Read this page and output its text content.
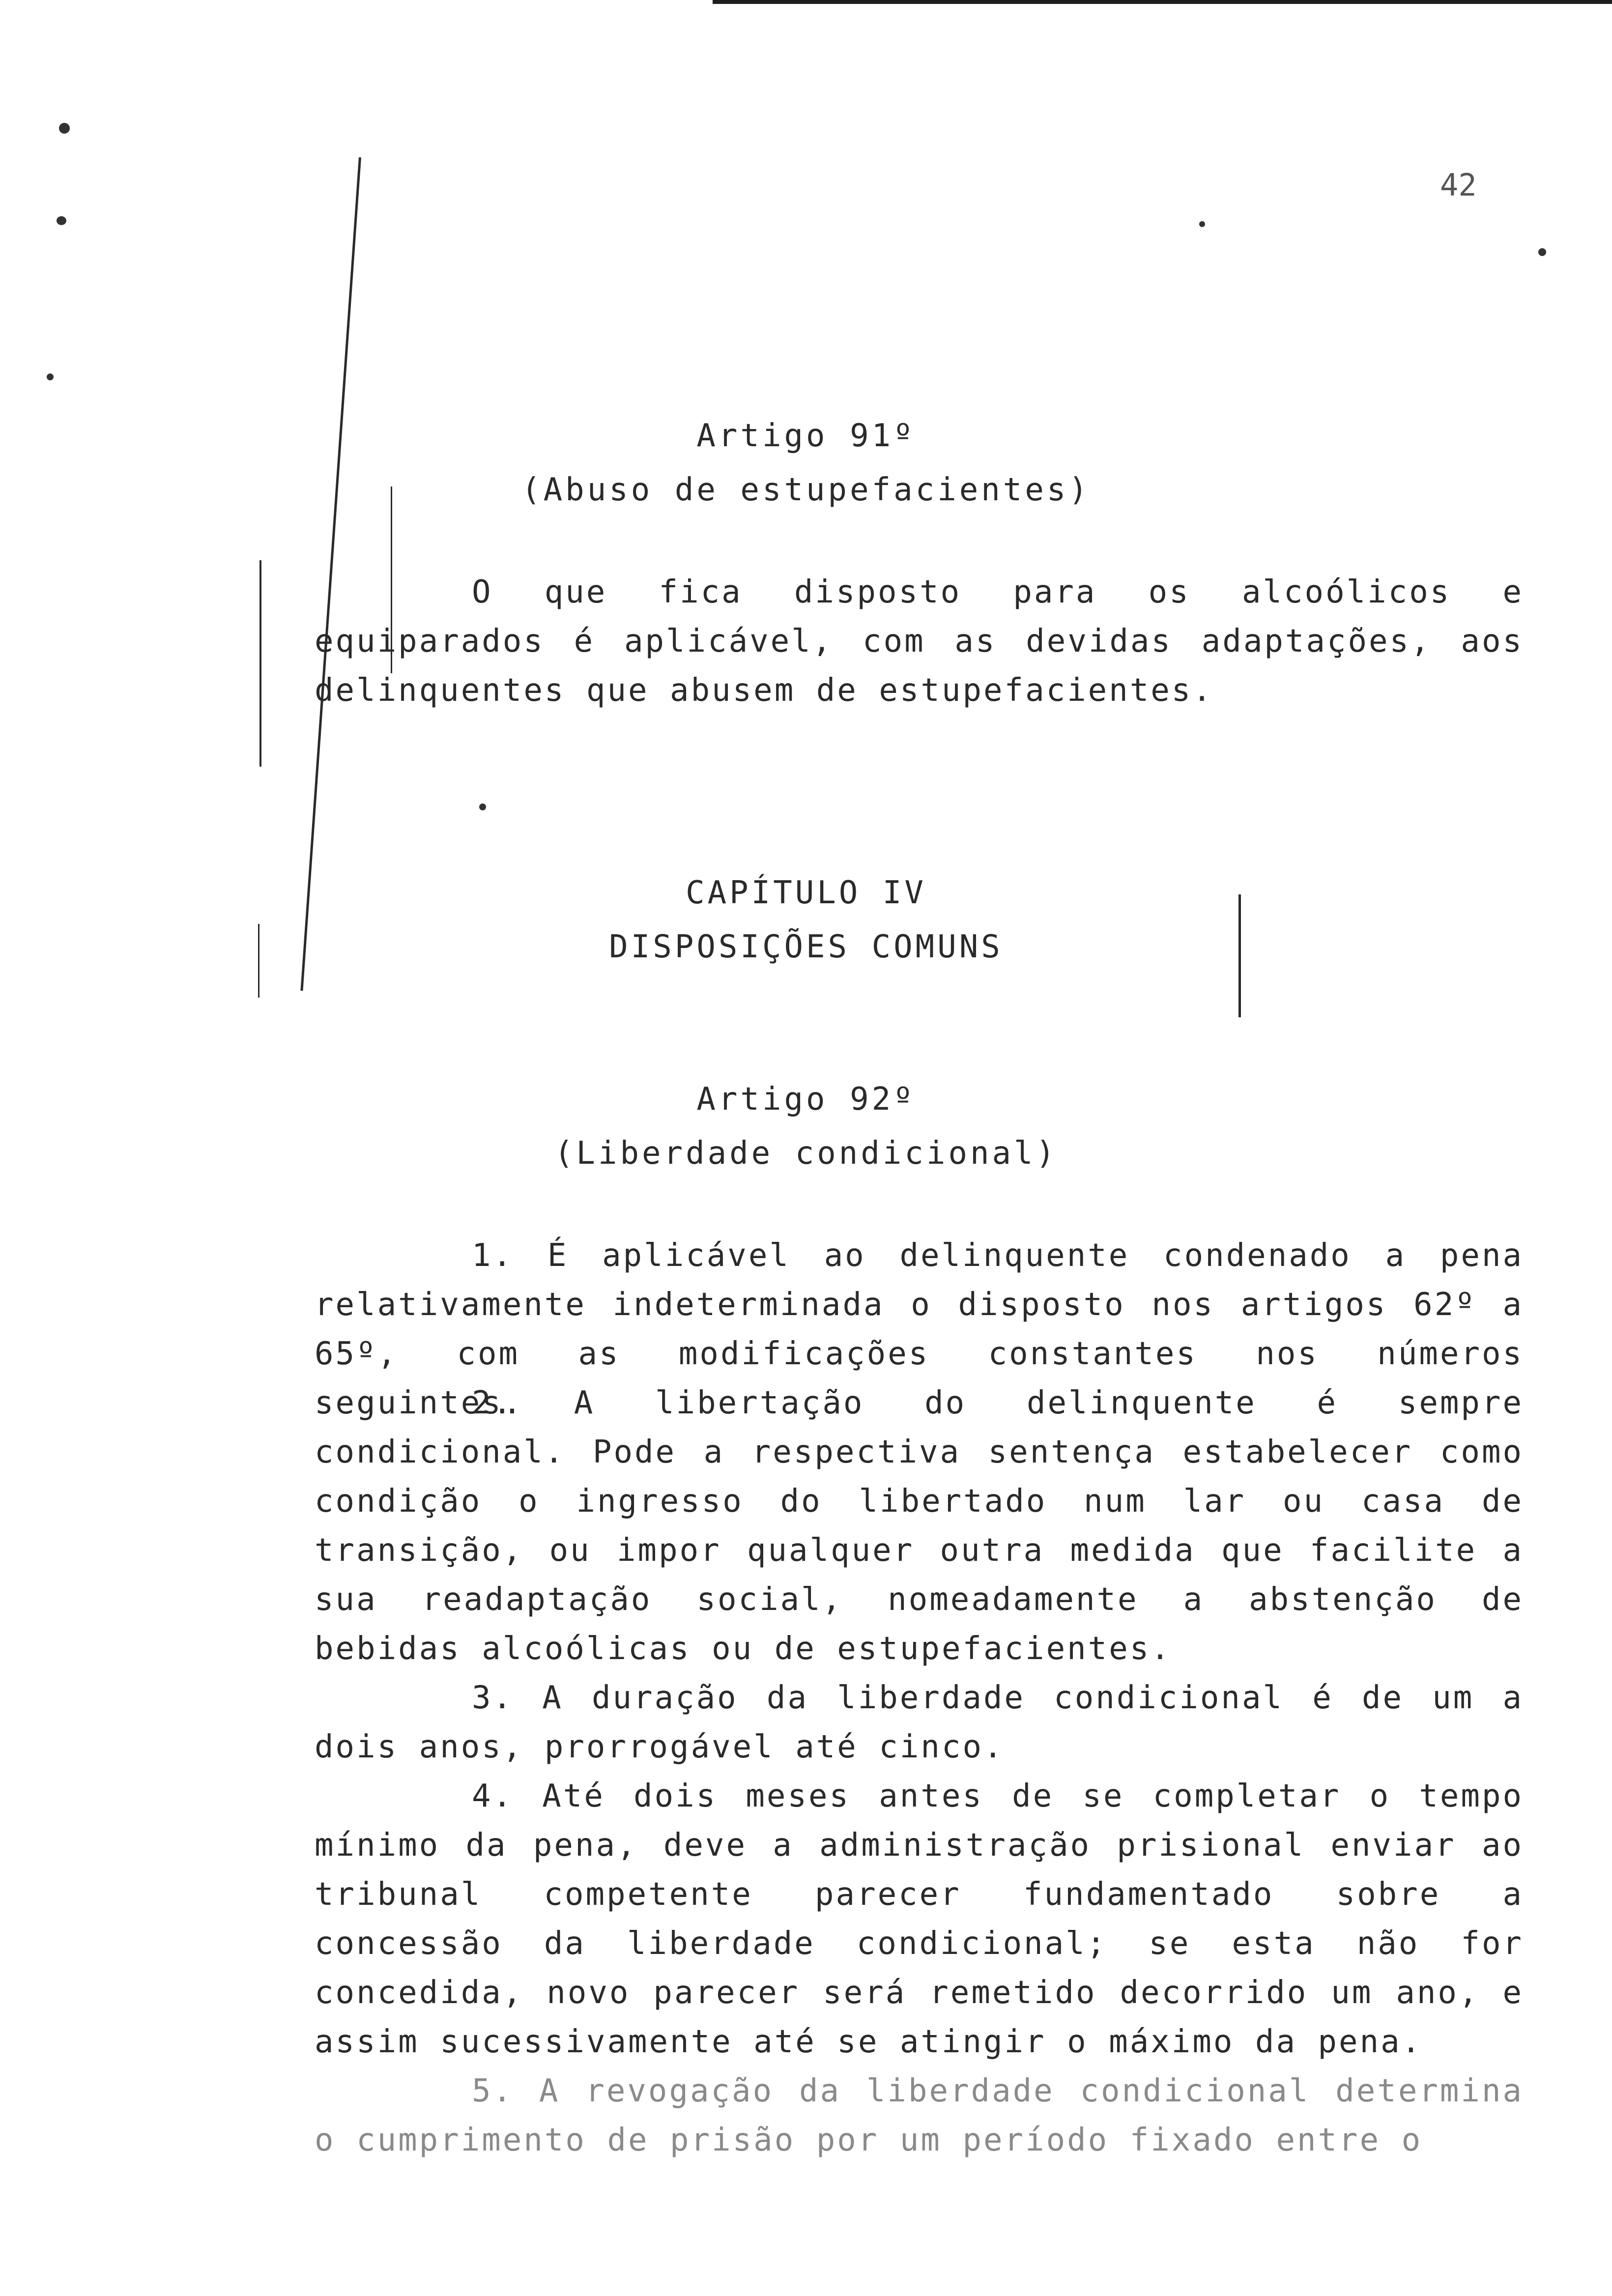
42
Artigo 91º
(Abuso de estupefacientes)

O que fica disposto para os alcoólicos e equiparados é aplicável, com as devidas adaptações, aos delinquentes que abusem de estupefacientes.

CAPÍTULO IV
DISPOSIÇÕES COMUNS
Artigo 92º
(Liberdade condicional)

1. É aplicável ao delinquente condenado a pena relativamente indeterminada o disposto nos artigos 62º a 65º, com as modificações constantes nos números seguintes.

2. A libertação do delinquente é sempre condicional. Pode a respectiva sentença estabelecer como condição o ingresso do libertado num lar ou casa de transição, ou impor qualquer outra medida que facilite a sua readaptação social, nomeadamente a abstenção de bebidas alcoólicas ou de estupefacientes.

3. A duração da liberdade condicional é de um a dois anos, prorrogável até cinco.

4. Até dois meses antes de se completar o tempo mínimo da pena, deve a administração prisional enviar ao tribunal competente parecer fundamentado sobre a concessão da liberdade condicional; se esta não for concedida, novo parecer será remetido decorrido um ano, e assim sucessivamente até se atingir o máximo da pena.

5. A revogação da liberdade condicional determina o cumprimento de prisão por um período fixado entre o
